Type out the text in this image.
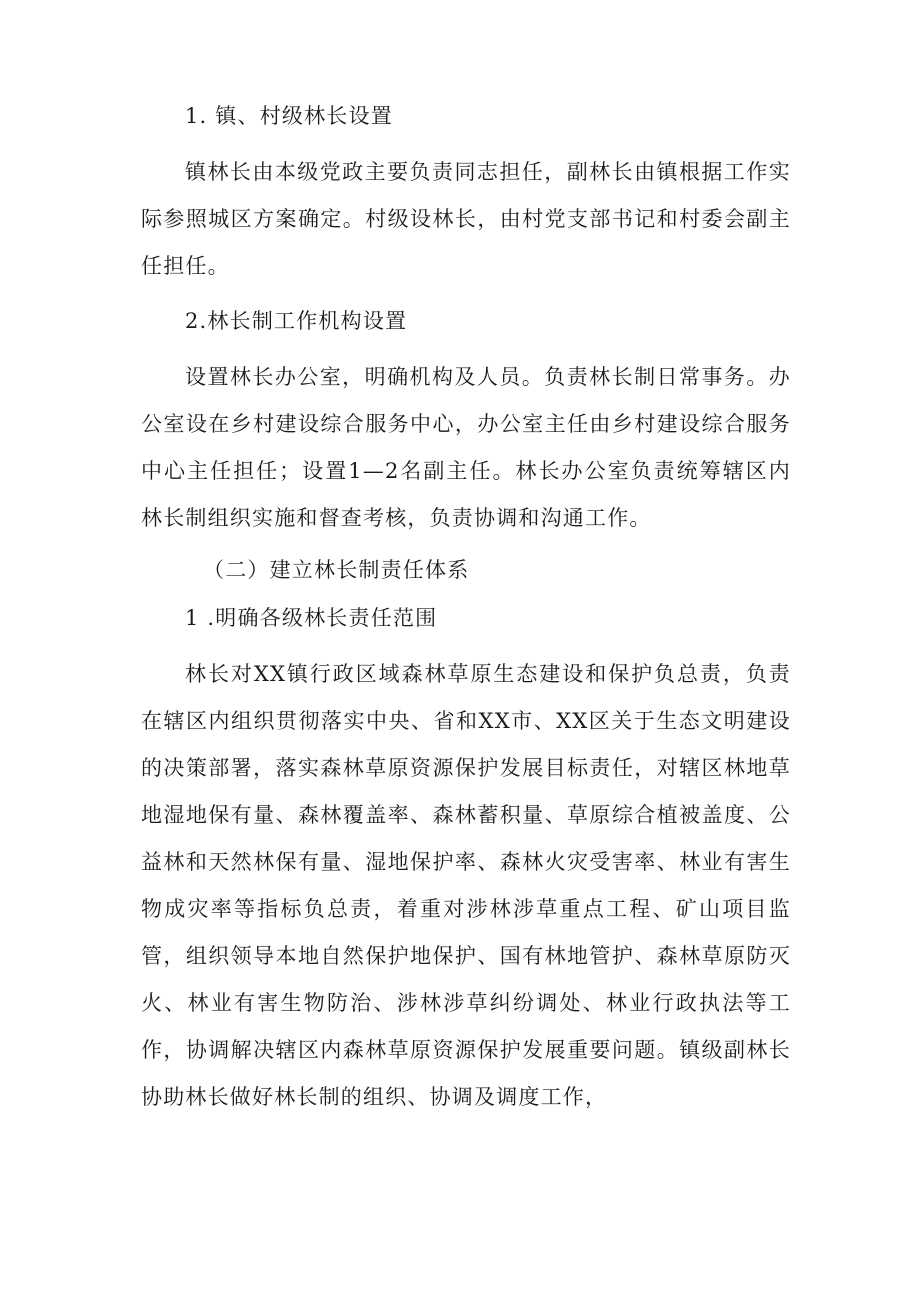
1. 镇、村级林长设置

镇林长由本级党政主要负责同志担任，副林长由镇根据工作实际参照城区方案确定。村级设林长，由村党支部书记和村委会副主任担任。

2.林长制工作机构设置

设置林长办公室，明确机构及人员。负责林长制日常事务。办公室设在乡村建设综合服务中心，办公室主任由乡村建设综合服务中心主任担任；设置1—2名副主任。林长办公室负责统筹辖区内林长制组织实施和督查考核，负责协调和沟通工作。

（二）建立林长制责任体系
1 .明确各级林长责任范围

林长对XX镇行政区域森林草原生态建设和保护负总责，负责在辖区内组织贯彻落实中央、省和XX市、XX区关于生态文明建设的决策部署，落实森林草原资源保护发展目标责任，对辖区林地草地湿地保有量、森林覆盖率、森林蓄积量、草原综合植被盖度、公益林和天然林保有量、湿地保护率、森林火灾受害率、林业有害生物成灾率等指标负总责，着重对涉林涉草重点工程、矿山项目监管，组织领导本地自然保护地保护、国有林地管护、森林草原防灭火、林业有害生物防治、涉林涉草纠纷调处、林业行政执法等工作，协调解决辖区内森林草原资源保护发展重要问题。镇级副林长协助林长做好林长制的组织、协调及调度工作，
